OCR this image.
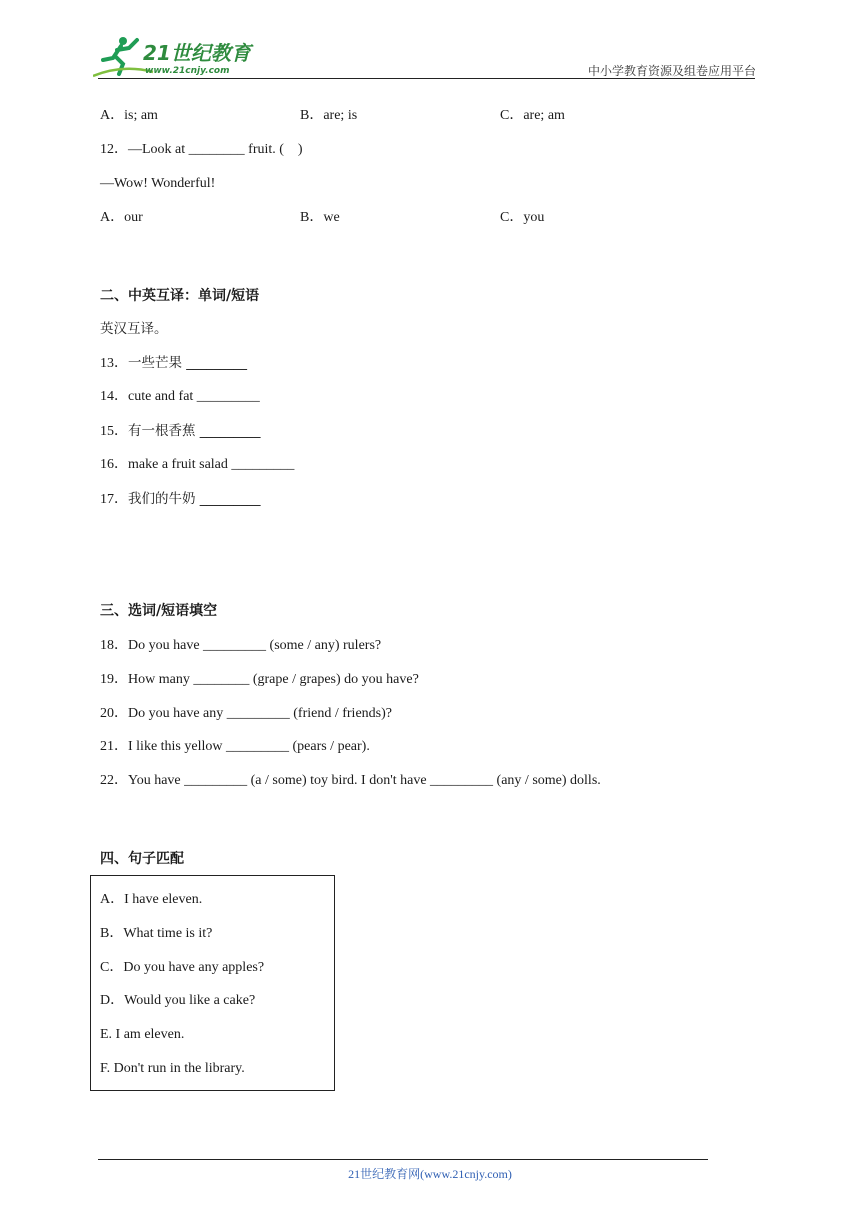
21世纪教育
www.21cnjy.com	中小学教育资源及组卷应用平台
A．is; am	B．are; is	C．are; am
12．—Look at ________ fruit. (　)
—Wow! Wonderful!
A．our	B．we	C．you
二、中英互译：单词/短语
英汉互译。
13．一些芒果 _________
14．cute and fat _________
15．有一根香蕉 _________
16．make a fruit salad _________
17．我们的牛奶 _________
三、选词/短语填空
18．Do you have _________ (some / any) rulers?
19．How many ________ (grape / grapes) do you have?
20．Do you have any _________ (friend / friends)?
21．I like this yellow _________ (pears / pear).
22．You have _________ (a / some) toy bird. I don't have _________ (any / some) dolls.
四、句子匹配
A．I have eleven.
B．What time is it?
C．Do you have any apples?
D．Would you like a cake?
E. I am eleven.
F. Don't run in the library.
21世纪教育网(www.21cnjy.com)
